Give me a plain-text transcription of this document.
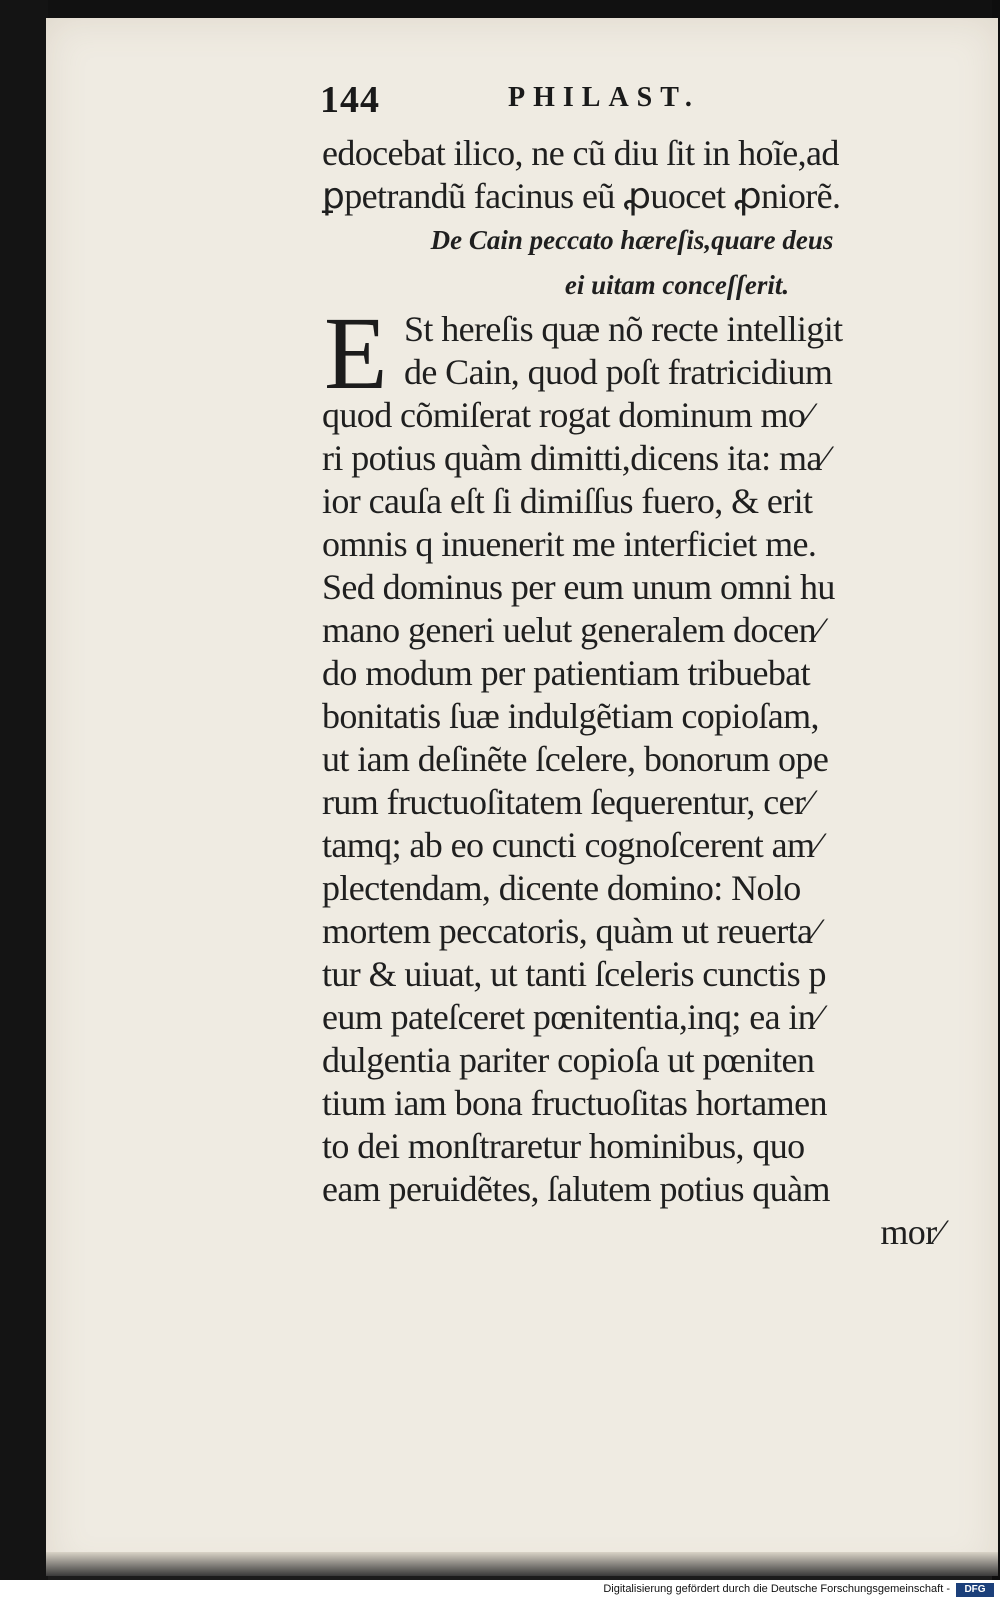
144	PHILAST.
edocebat ilico, ne cũ diu ſit in hoĩe,ad
ꝑpetrandũ facinus eũ ꝓuocet ꝓniorẽ.
De Cain peccato hæreſis,quare deus
ei uitam conceſſerit.
E St hereſis quæ nõ recte intelligit
de Cain, quod poſt fratricidium
quod cõmiſerat rogat dominum mo⁄
ri potius quàm dimitti,dicens ita: ma⁄
ior cauſa eſt ſi dimiſſus fuero, & erit
omnis q inuenerit me interficiet me.
Sed dominus per eum unum omni hu
mano generi uelut generalem docen⁄
do modum per patientiam tribuebat
bonitatis ſuæ indulgẽtiam copioſam,
ut iam deſinẽte ſcelere, bonorum ope
rum fructuoſitatem ſequerentur, cer⁄
tamq; ab eo cuncti cognoſcerent am⁄
plectendam, dicente domino: Nolo
mortem peccatoris, quàm ut reuerta⁄
tur & uiuat, ut tanti ſceleris cunctis p
eum pateſceret pœnitentia,inq; ea in⁄
dulgentia pariter copioſa ut pœniten
tium iam bona fructuoſitas hortamen
to dei monſtraretur hominibus, quo
eam peruidẽtes, ſalutem potius quàm
mor⁄
Digitalisierung gefördert durch die Deutsche Forschungsgemeinschaft -	DFG
